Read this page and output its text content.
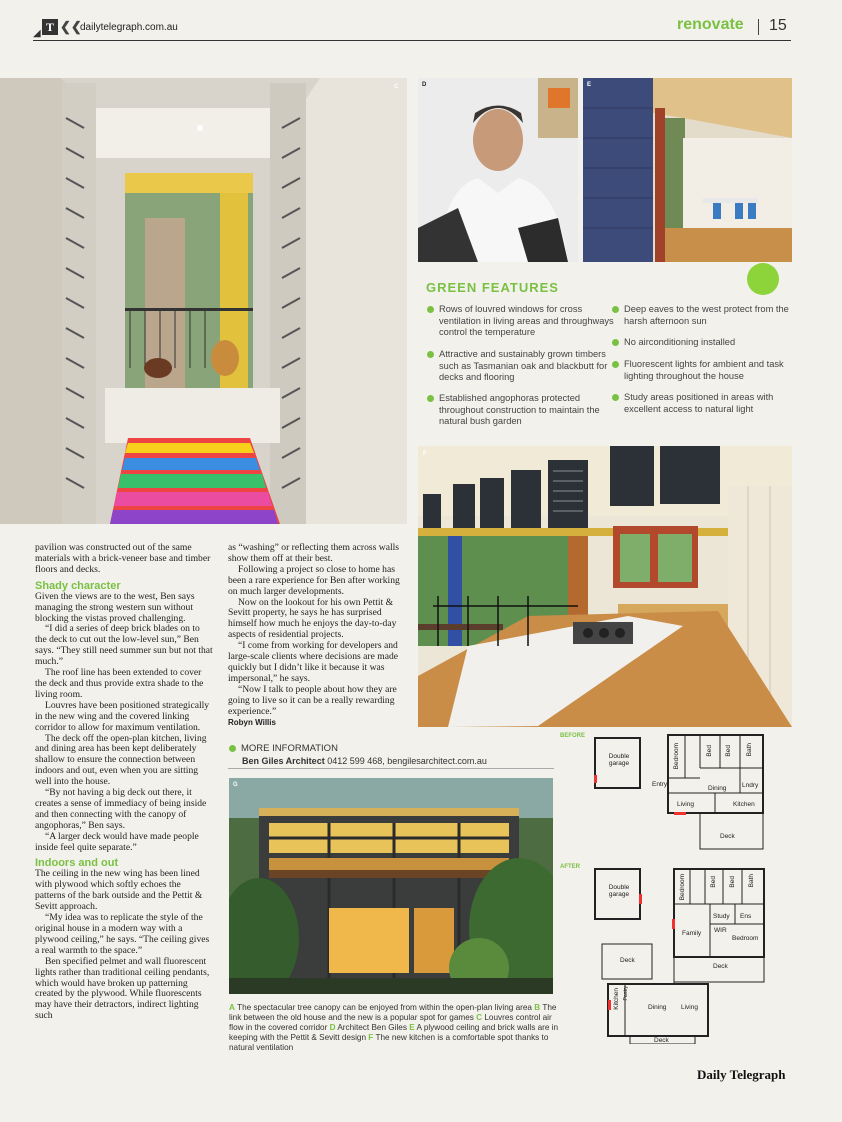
◢ T ❮❮
dailytelegraph.com.au	renovate 15
C	D	E
GREEN FEATURES
Rows of louvred windows for cross ventilation in living areas and throughways control the temperature
Attractive and sustainably grown timbers such as Tasmanian oak and blackbutt for decks and flooring
Established angophoras protected throughout construction to maintain the natural bush garden
Deep eaves to the west protect from the harsh afternoon sun
No airconditioning installed
Fluorescent lights for ambient and task lighting throughout the house
Study areas positioned in areas with excellent access to natural light
F

pavilion was constructed out of the same materials with a brick-veneer base and timber floors and decks.

Shady character

Given the views are to the west, Ben says managing the strong western sun without blocking the vistas proved challenging.

“I did a series of deep brick blades on to the deck to cut out the low-level sun,” Ben says. “They still need summer sun but not that much.”

The roof line has been extended to cover the deck and thus provide extra shade to the living room.

Louvres have been positioned strategically in the new wing and the covered linking corridor to allow for maximum ventilation.

The deck off the open-plan kitchen, living and dining area has been kept deliberately shallow to ensure the connection between indoors and out, even when you are sitting well into the house.

“By not having a big deck out there, it creates a sense of immediacy of being inside and then connecting with the canopy of angophoras,” Ben says.

“A larger deck would have made people inside feel quite separate.”

Indoors and out

The ceiling in the new wing has been lined with plywood which softly echoes the patterns of the bark outside and the Pettit & Sevitt approach.

“My idea was to replicate the style of the original house in a modern way with a plywood ceiling,” he says. “The ceiling gives a real warmth to the space.”

Ben specified pelmet and wall fluorescent lights rather than traditional ceiling pendants, which would have broken up patterning created by the plywood. While fluorescents may have their detractors, indirect lighting such

as “washing” or reflecting them across walls show them off at their best.

Following a project so close to home has been a rare experience for Ben after working on much larger developments.

Now on the lookout for his own Pettit & Sevitt property, he says he has surprised himself how much he enjoys the day-to-day aspects of residential projects.

“I come from working for developers and large-scale clients where decisions are made quickly but I didn’t like it because it was impersonal,” he says.

“Now I talk to people about how they are going to live so it can be a really rewarding experience.”

Robyn Willis

MORE INFORMATION
Ben Giles Architect 0412 599 468, bengilesarchitect.com.au
G
A The spectacular tree canopy can be enjoyed from within the open-plan living area B The link between the old house and the new is a popular spot for games C Louvres control air flow in the covered corridor D Architect Ben Giles E A plywood ceiling and brick walls are in keeping with the Pettit & Sevitt design F The new kitchen is a comfortable spot thanks to natural ventilation
BEFORE
Double garage	Bedroom	Bed Bed Bath
Entry
Dining Lndry
Living	Kitchen
Deck
AFTER
Double garage	Bedroom	Bed Bed Bath
Study Ens
Family WIR
Bedroom
Deck
Deck
Kitchen Pantry
Dining Living
Deck
Daily Telegraph
